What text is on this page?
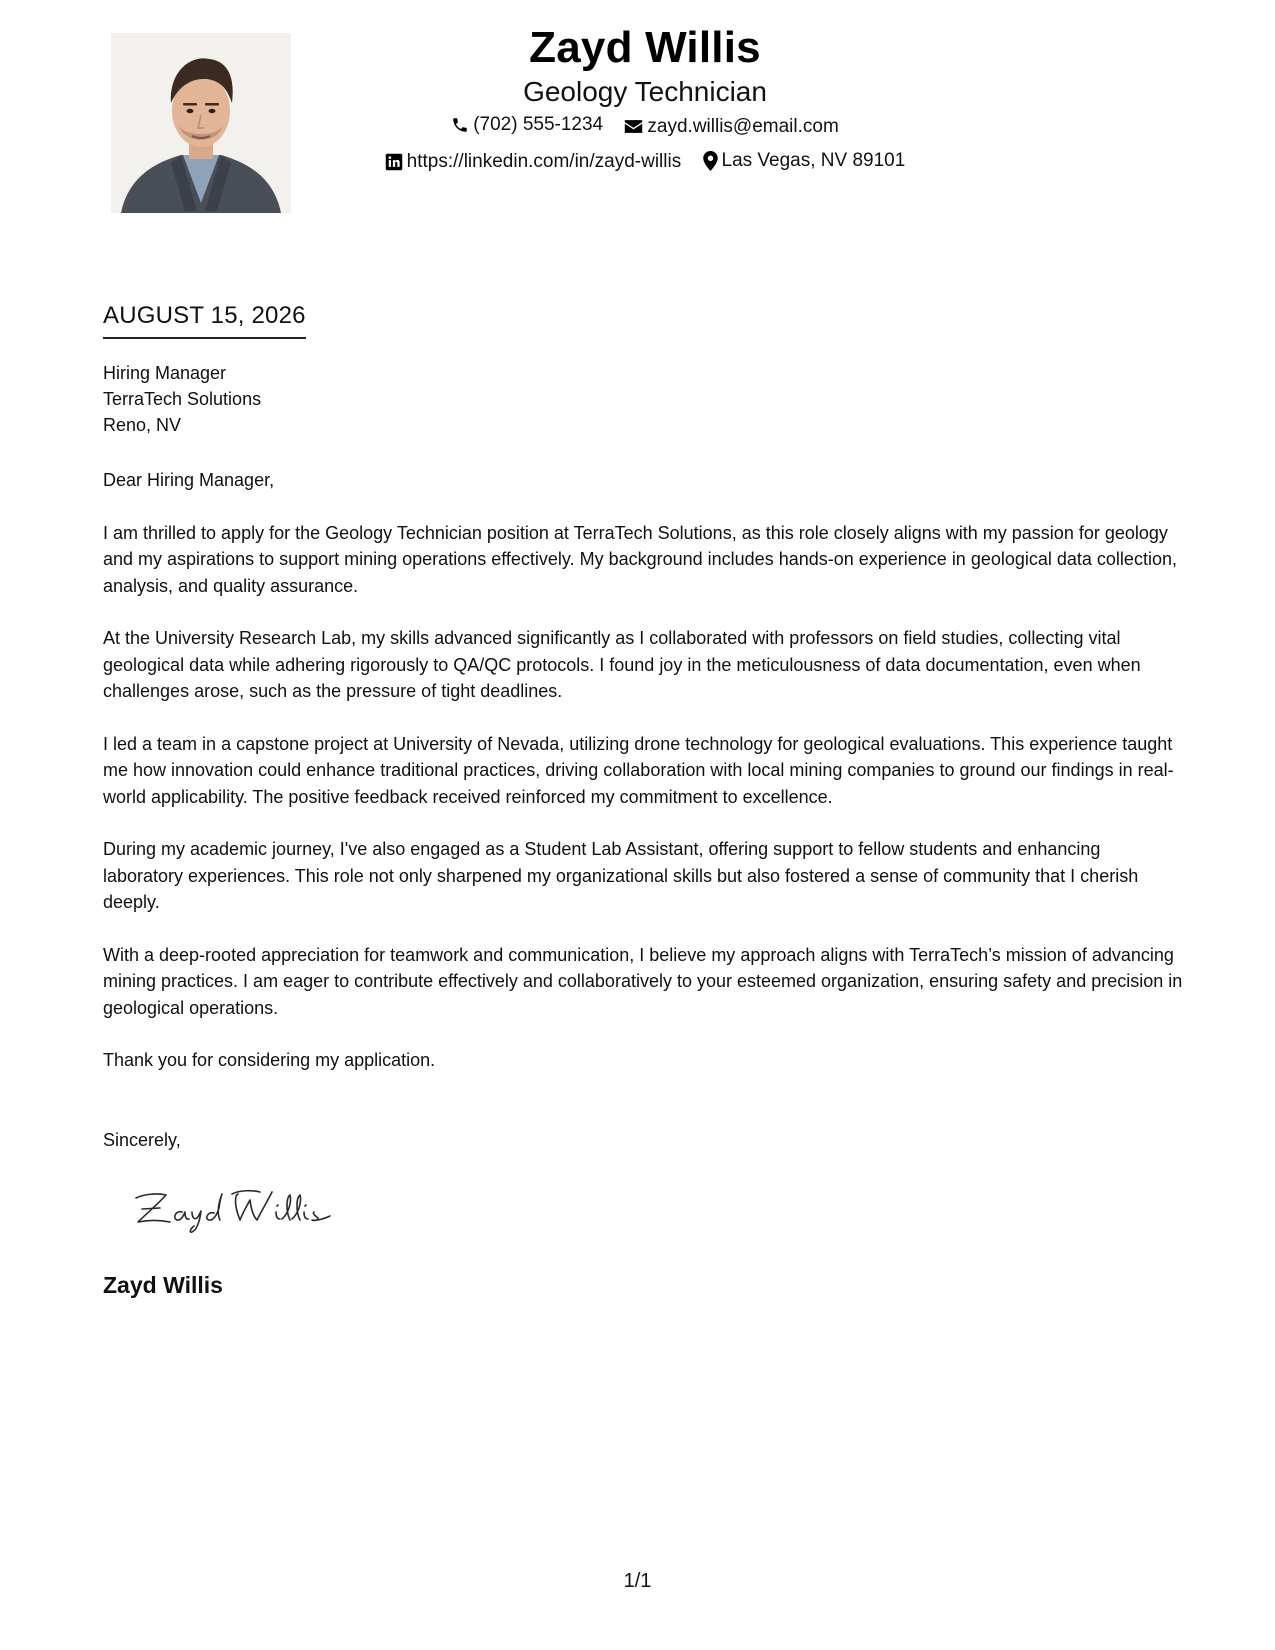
Zayd Willis
Geology Technician
(702) 555-1234
zayd.willis@email.com
https://linkedin.com/in/zayd-willis
Las Vegas, NV 89101
AUGUST 15, 2026
Hiring Manager
TerraTech Solutions
Reno, NV

Dear Hiring Manager,

I am thrilled to apply for the Geology Technician position at TerraTech Solutions, as this role closely aligns with my passion for geology and my aspirations to support mining operations effectively. My background includes hands-on experience in geological data collection, analysis, and quality assurance.

At the University Research Lab, my skills advanced significantly as I collaborated with professors on field studies, collecting vital geological data while adhering rigorously to QA/QC protocols. I found joy in the meticulousness of data documentation, even when challenges arose, such as the pressure of tight deadlines.

I led a team in a capstone project at University of Nevada, utilizing drone technology for geological evaluations. This experience taught me how innovation could enhance traditional practices, driving collaboration with local mining companies to ground our findings in real-world applicability. The positive feedback received reinforced my commitment to excellence.

During my academic journey, I've also engaged as a Student Lab Assistant, offering support to fellow students and enhancing laboratory experiences. This role not only sharpened my organizational skills but also fostered a sense of community that I cherish deeply.

With a deep-rooted appreciation for teamwork and communication, I believe my approach aligns with TerraTech’s mission of advancing mining practices. I am eager to contribute effectively and collaboratively to your esteemed organization, ensuring safety and precision in geological operations.

Thank you for considering my application.

Sincerely,
Zayd Willis
1/1
